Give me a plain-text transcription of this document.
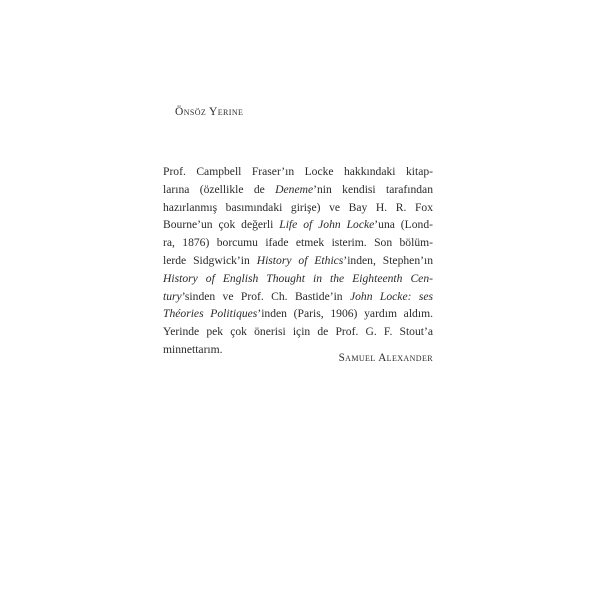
Önsöz Yerine
Prof. Campbell Fraser’ın Locke hakkındaki kitap-
larına (özellikle de Deneme’nin kendisi tarafından
hazırlanmış basımındaki girişe) ve Bay H. R. Fox
Bourne’un çok değerli Life of John Locke’una (Lond-
ra, 1876) borcumu ifade etmek isterim. Son bölüm-
lerde Sidgwick’in History of Ethics’inden, Stephen’ın
History of English Thought in the Eighteenth Cen-
tury’sinden ve Prof. Ch. Bastide’in John Locke: ses
Théories Politiques’inden (Paris, 1906) yardım aldım.
Yerinde pek çok önerisi için de Prof. G. F. Stout’a
minnettarım.
Samuel Alexander
